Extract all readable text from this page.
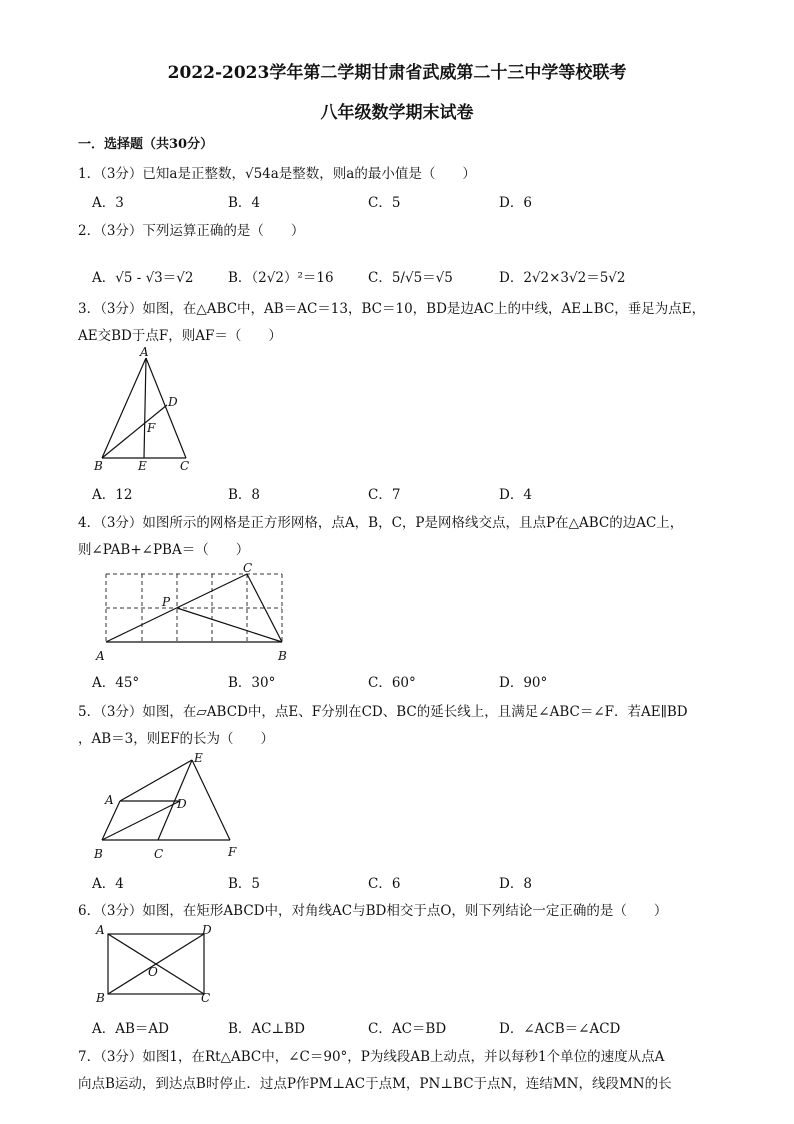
2022-2023学年第二学期甘肃省武威第二十三中学等校联考
八年级数学期末试卷
一．选择题（共30分）
1．（3分）已知a是正整数，√54a是整数，则a的最小值是（　　）
A．3	B．4	C．5	D．6
2．（3分）下列运算正确的是（　　）
A．√5 - √3＝√2	B．（2√2）²＝16	C．5/√5＝√5	D．2√2×3√2＝5√2
3．（3分）如图，在△ABC中，AB＝AC＝13，BC＝10，BD是边AC上的中线，AE⊥BC，垂足为点E，
AE交BD于点F，则AF＝（　　）
A
D
F
B	E	C
A．12	B．8	C．7	D．4
4．（3分）如图所示的网格是正方形网格，点A，B，C，P是网格线交点，且点P在△ABC的边AC上，
则∠PAB+∠PBA＝（　　）
C
P
A	B
A．45°	B．30°	C．60°	D．90°
5．（3分）如图，在▱ABCD中，点E、F分别在CD、BC的延长线上，且满足∠ABC＝∠F．若AE∥BD
，AB＝3，则EF的长为（　　）
E
A	D
B	C	F
A．4	B．5	C．6	D．8
6．（3分）如图，在矩形ABCD中，对角线AC与BD相交于点O，则下列结论一定正确的是（　　）
A	D
O
B	C
A．AB＝AD	B．AC⊥BD	C．AC＝BD	D．∠ACB＝∠ACD
7．（3分）如图1，在Rt△ABC中，∠C＝90°，P为线段AB上动点，并以每秒1个单位的速度从点A
向点B运动，到达点B时停止．过点P作PM⊥AC于点M，PN⊥BC于点N，连结MN，线段MN的长
